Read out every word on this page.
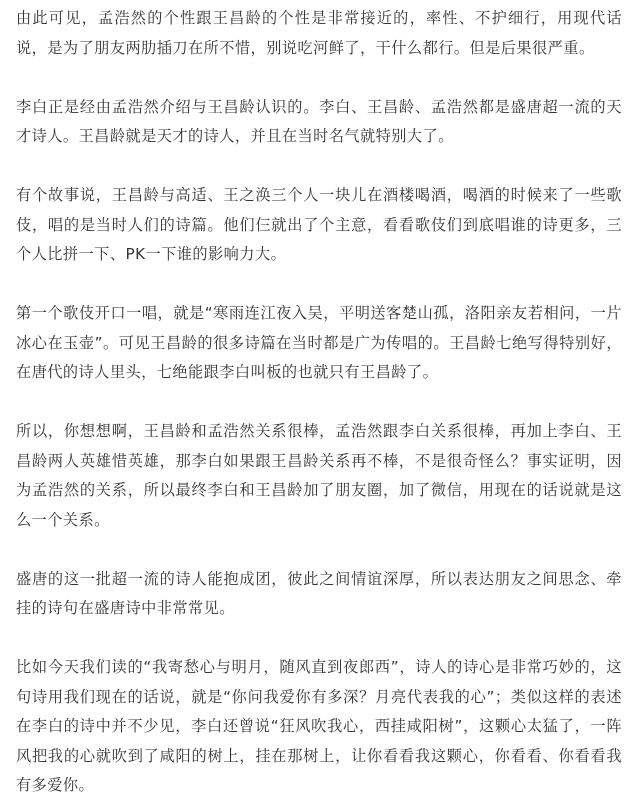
由此可见，孟浩然的个性跟王昌龄的个性是非常接近的，率性、不护细行，用现代话说，是为了朋友两肋插刀在所不惜，别说吃河鲜了，干什么都行。但是后果很严重。

李白正是经由孟浩然介绍与王昌龄认识的。李白、王昌龄、孟浩然都是盛唐超一流的天才诗人。王昌龄就是天才的诗人，并且在当时名气就特别大了。

有个故事说，王昌龄与高适、王之涣三个人一块儿在酒楼喝酒，喝酒的时候来了一些歌伎，唱的是当时人们的诗篇。他们仨就出了个主意，看看歌伎们到底唱谁的诗更多，三个人比拼一下、PK一下谁的影响力大。

第一个歌伎开口一唱，就是“寒雨连江夜入吴，平明送客楚山孤，洛阳亲友若相问，一片冰心在玉壶”。可见王昌龄的很多诗篇在当时都是广为传唱的。王昌龄七绝写得特别好，在唐代的诗人里头，七绝能跟李白叫板的也就只有王昌龄了。

所以，你想想啊，王昌龄和孟浩然关系很棒，孟浩然跟李白关系很棒，再加上李白、王昌龄两人英雄惜英雄，那李白如果跟王昌龄关系再不棒，不是很奇怪么？事实证明，因为孟浩然的关系，所以最终李白和王昌龄加了朋友圈，加了微信，用现在的话说就是这么一个关系。

盛唐的这一批超一流的诗人能抱成团，彼此之间情谊深厚，所以表达朋友之间思念、牵挂的诗句在盛唐诗中非常常见。

比如今天我们读的“我寄愁心与明月，随风直到夜郎西”，诗人的诗心是非常巧妙的，这句诗用我们现在的话说，就是“你问我爱你有多深？月亮代表我的心”；类似这样的表述在李白的诗中并不少见，李白还曾说“狂风吹我心，西挂咸阳树”，这颗心太猛了，一阵风把我的心就吹到了咸阳的树上，挂在那树上，让你看看我这颗心，你看看、你看看我有多爱你。
